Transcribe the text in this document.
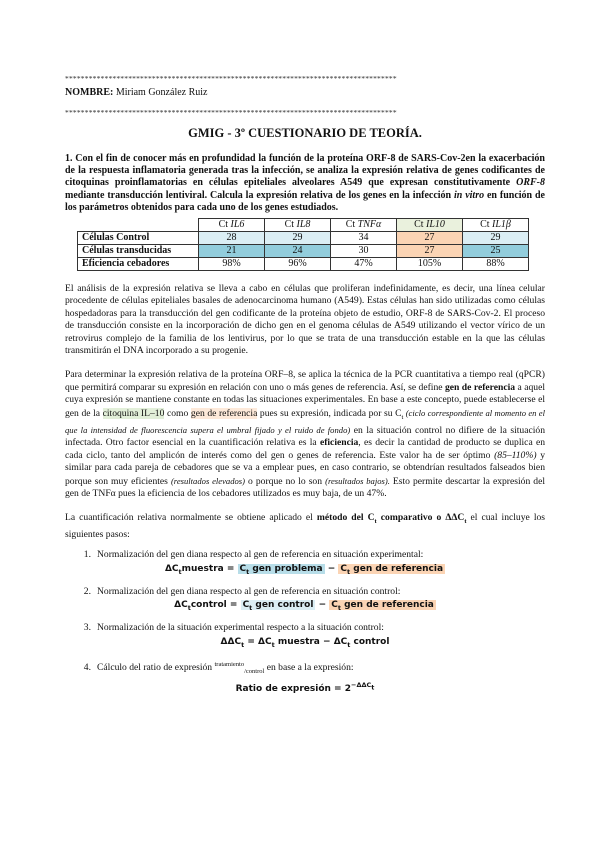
************************************************************************************
NOMBRE: Miriam González Ruiz
************************************************************************************
GMIG - 3º CUESTIONARIO DE TEORÍA.
1. Con el fin de conocer más en profundidad la función de la proteína ORF-8 de SARS-Cov-2en la exacerbación de la respuesta inflamatoria generada tras la infección, se analiza la expresión relativa de genes codificantes de citoquinas proinflamatorias en células epiteliales alveolares A549 que expresan constitutivamente ORF-8 mediante transducción lentiviral. Calcula la expresión relativa de los genes en la infección in vitro en función de los parámetros obtenidos para cada uno de los genes estudiados.
	Ct IL6	Ct IL8	Ct TNFα	Ct IL10	Ct IL1β
Células Control	28	29	34	27	29
Células transducidas	21	24	30	27	25
Eficiencia cebadores	98%	96%	47%	105%	88%

El análisis de la expresión relativa se lleva a cabo en células que proliferan indefinidamente, es decir, una línea celular procedente de células epiteliales basales de adenocarcinoma humano (A549). Estas células han sido utilizadas como células hospedadoras para la transducción del gen codificante de la proteína objeto de estudio, ORF-8 de SARS-Cov-2. El proceso de transducción consiste en la incorporación de dicho gen en el genoma células de A549 utilizando el vector vírico de un retrovirus complejo de la familia de los lentivirus, por lo que se trata de una transducción estable en la que las células transmitirán el DNA incorporado a su progenie.

Para determinar la expresión relativa de la proteína ORF–8, se aplica la técnica de la PCR cuantitativa a tiempo real (qPCR) que permitirá comparar su expresión en relación con uno o más genes de referencia. Así, se define gen de referencia a aquel cuya expresión se mantiene constante en todas las situaciones experimentales. En base a este concepto, puede establecerse el gen de la citoquina IL–10 como gen de referencia pues su expresión, indicada por su $C_t$ (ciclo correspondiente al momento en el que la intensidad de fluorescencia supera el umbral fijado y el ruido de fondo) en la situación control no difiere de la situación infectada. Otro factor esencial en la cuantificación relativa es la eficiencia, es decir la cantidad de producto se duplica en cada ciclo, tanto del amplicón de interés como del gen o genes de referencia. Este valor ha de ser óptimo (85–110%) y similar para cada pareja de cebadores que se va a emplear pues, en caso contrario, se obtendrían resultados falseados bien porque son muy eficientes (resultados elevados) o porque no lo son (resultados bajos). Esto permite descartar la expresión del gen de TNFα pues la eficiencia de los cebadores utilizados es muy baja, de un 47%.

La cuantificación relativa normalmente se obtiene aplicado el método del $C_t$ comparativo o $\Delta\Delta C_t$ el cual incluye los siguientes pasos:

1. Normalización del gen diana respecto al gen de referencia en situación experimental:
$\Delta C_tmuestra = C_t$ gen problema − $C_t$ gen de referencia
2. Normalización del gen diana respecto al gen de referencia en situación control:
$\Delta C_tcontrol = C_t$ gen control − $C_t$ gen de referencia
3. Normalización de la situación experimental respecto a la situación control:
$\Delta\Delta C_t = \Delta C_t$ muestra − $\Delta C_t$ control
4. Cálculo del ratio de expresión $^{tratamiento}_{/control}$ en base a la expresión:
Ratio de expresión = $2^{-\Delta\Delta C_t}$
